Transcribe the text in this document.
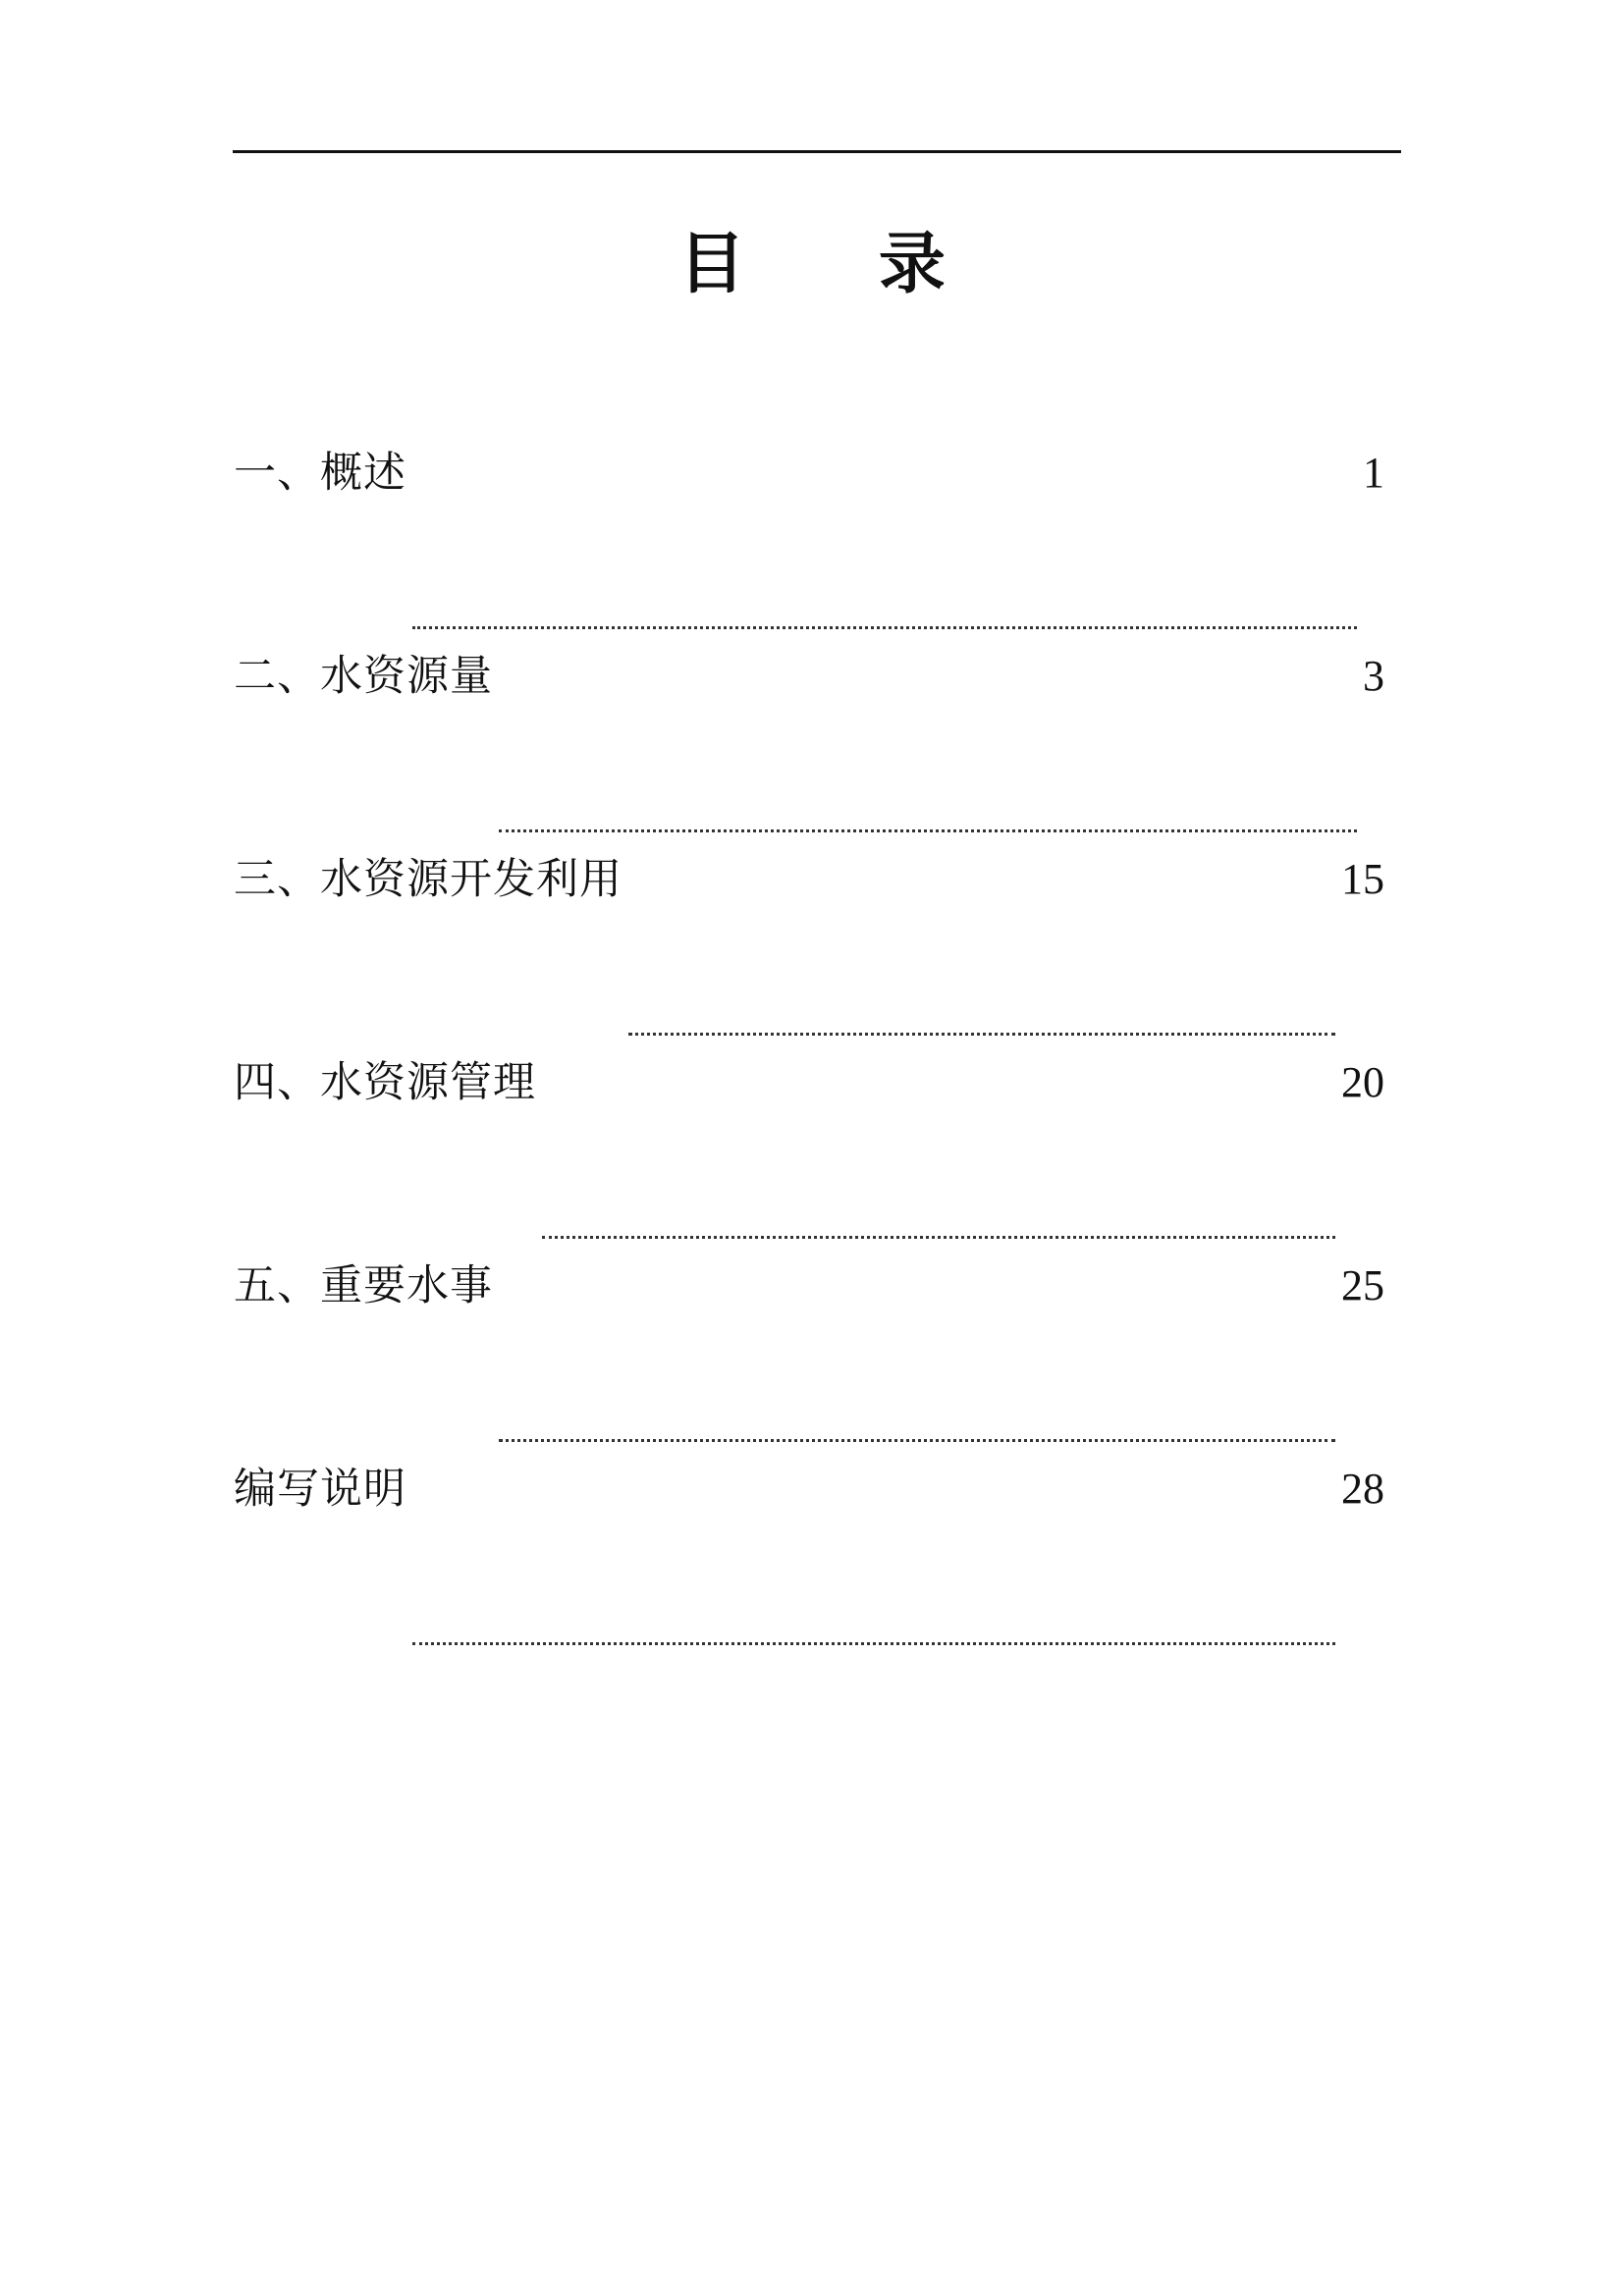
目 录
一、概述	1
二、水资源量	3
三、水资源开发利用	15
四、水资源管理	20
五、重要水事	25
编写说明	28
